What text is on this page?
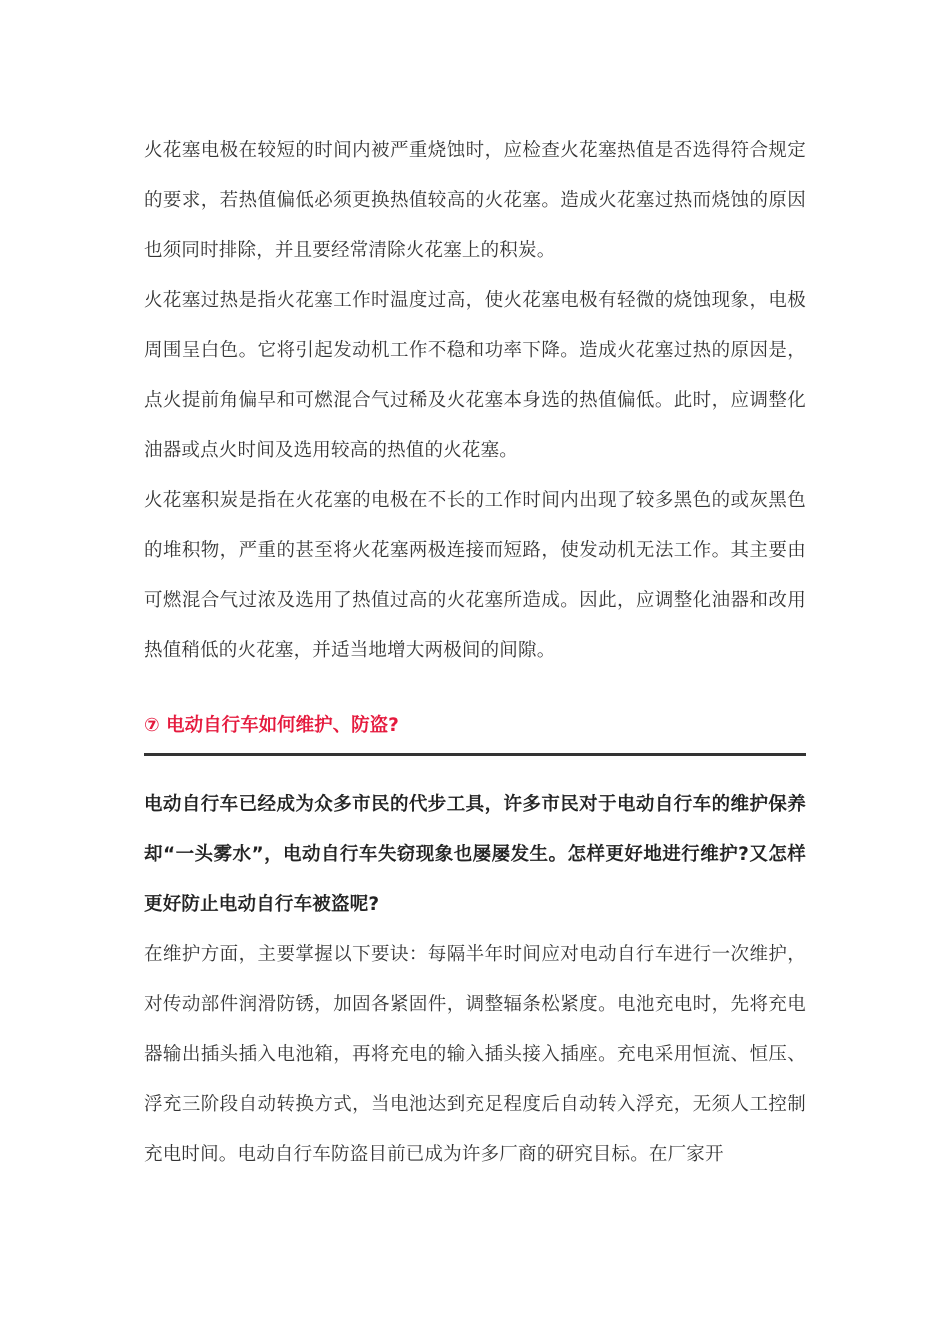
火花塞电极在较短的时间内被严重烧蚀时，应检查火花塞热值是否选得符合规定的要求，若热值偏低必须更换热值较高的火花塞。造成火花塞过热而烧蚀的原因也须同时排除，并且要经常清除火花塞上的积炭。

火花塞过热是指火花塞工作时温度过高，使火花塞电极有轻微的烧蚀现象，电极周围呈白色。它将引起发动机工作不稳和功率下降。造成火花塞过热的原因是，点火提前角偏早和可燃混合气过稀及火花塞本身选的热值偏低。此时，应调整化油器或点火时间及选用较高的热值的火花塞。

火花塞积炭是指在火花塞的电极在不长的工作时间内出现了较多黑色的或灰黑色的堆积物，严重的甚至将火花塞两极连接而短路，使发动机无法工作。其主要由可燃混合气过浓及选用了热值过高的火花塞所造成。因此，应调整化油器和改用热值稍低的火花塞，并适当地增大两极间的间隙。

⑦ 电动自行车如何维护、防盗?

电动自行车已经成为众多市民的代步工具，许多市民对于电动自行车的维护保养却“一头雾水”，电动自行车失窃现象也屡屡发生。怎样更好地进行维护?又怎样更好防止电动自行车被盗呢?

在维护方面，主要掌握以下要诀：每隔半年时间应对电动自行车进行一次维护，对传动部件润滑防锈，加固各紧固件，调整辐条松紧度。电池充电时，先将充电器输出插头插入电池箱，再将充电的输入插头接入插座。充电采用恒流、恒压、浮充三阶段自动转换方式，当电池达到充足程度后自动转入浮充，无须人工控制充电时间。电动自行车防盗目前已成为许多厂商的研究目标。在厂家开
